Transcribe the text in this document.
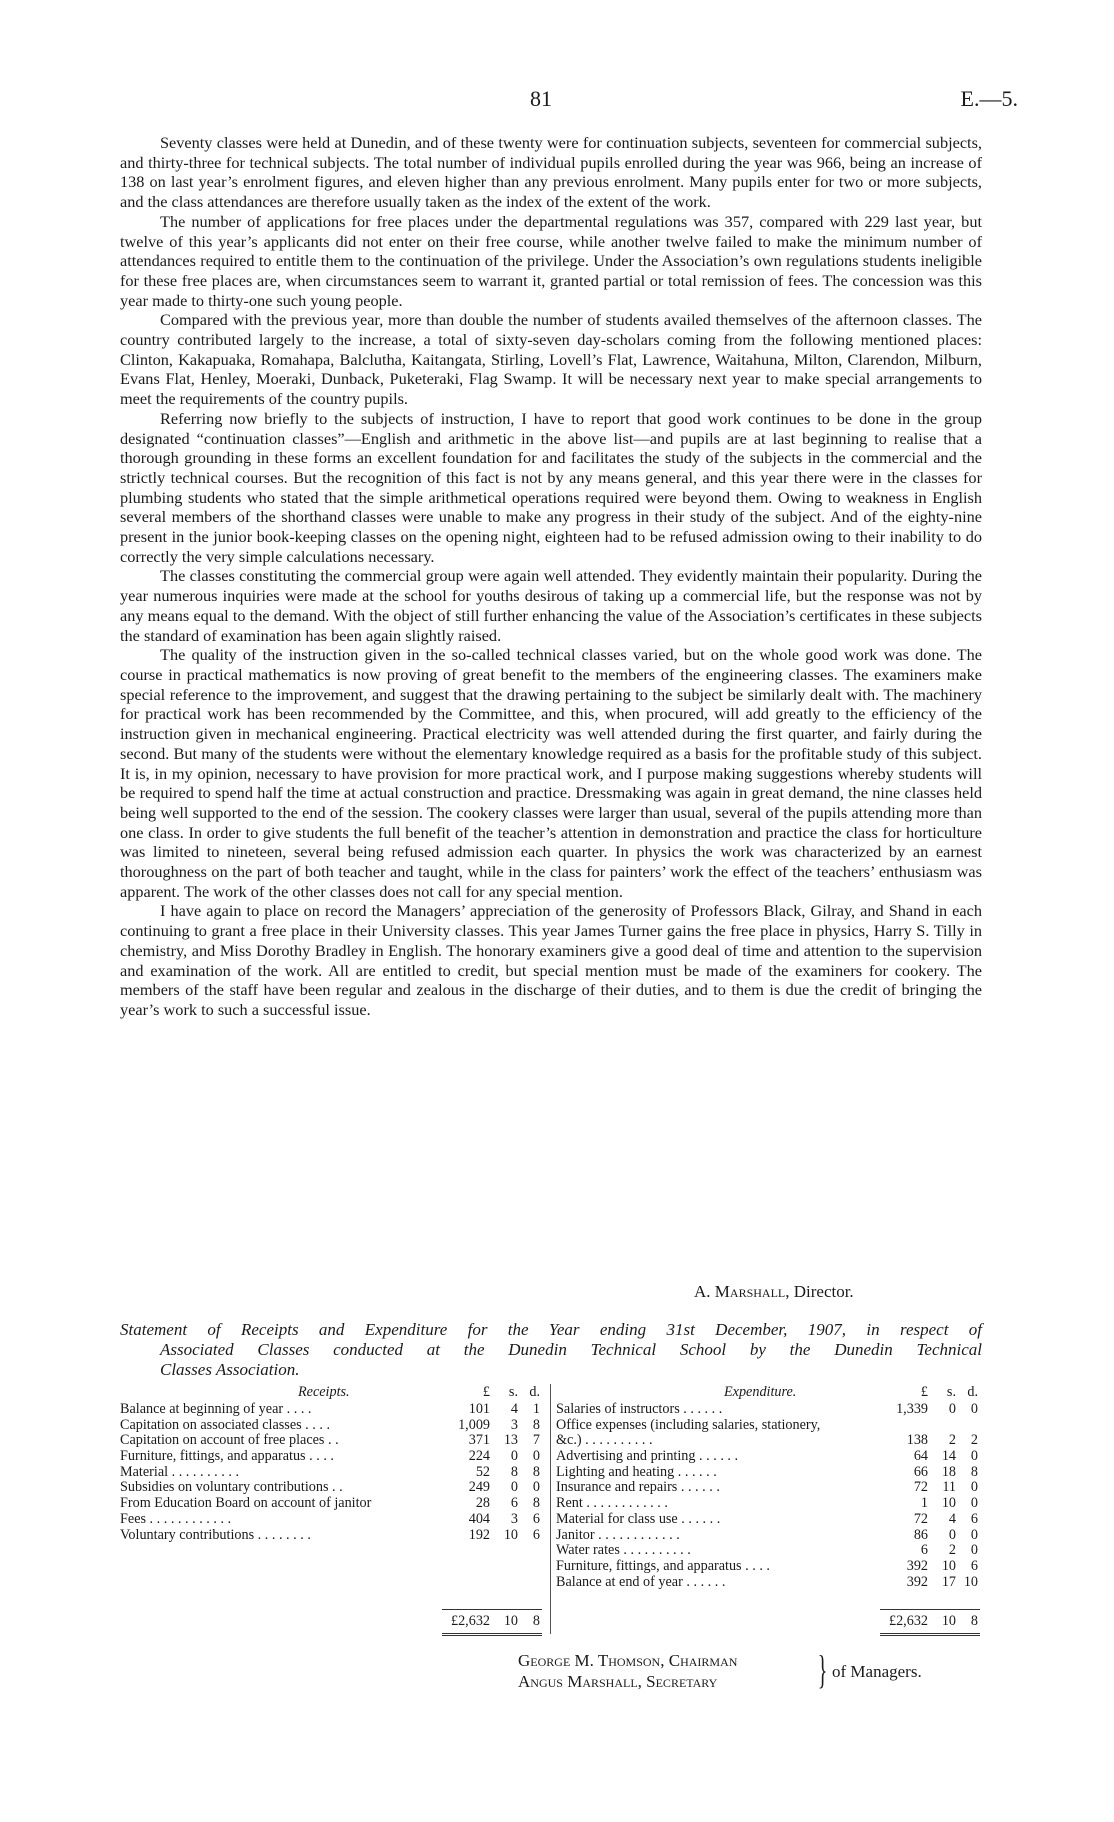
81	E.—5.

Seventy classes were held at Dunedin, and of these twenty were for continuation subjects, seventeen for commercial subjects, and thirty-three for technical subjects. The total number of individual pupils enrolled during the year was 966, being an increase of 138 on last year’s enrolment figures, and eleven higher than any previous enrolment. Many pupils enter for two or more subjects, and the class attendances are therefore usually taken as the index of the extent of the work.

The number of applications for free places under the departmental regulations was 357, compared with 229 last year, but twelve of this year’s applicants did not enter on their free course, while another twelve failed to make the minimum number of attendances required to entitle them to the continuation of the privilege. Under the Association’s own regulations students ineligible for these free places are, when circumstances seem to warrant it, granted partial or total remission of fees. The concession was this year made to thirty-one such young people.

Compared with the previous year, more than double the number of students availed themselves of the afternoon classes. The country contributed largely to the increase, a total of sixty-seven day-scholars coming from the following mentioned places: Clinton, Kakapuaka, Romahapa, Balclutha, Kaitangata, Stirling, Lovell’s Flat, Lawrence, Waitahuna, Milton, Clarendon, Milburn, Evans Flat, Henley, Moeraki, Dunback, Puketeraki, Flag Swamp. It will be necessary next year to make special arrangements to meet the requirements of the country pupils.

Referring now briefly to the subjects of instruction, I have to report that good work continues to be done in the group designated “continuation classes”—English and arithmetic in the above list—and pupils are at last beginning to realise that a thorough grounding in these forms an excellent foundation for and facilitates the study of the subjects in the commercial and the strictly technical courses. But the recognition of this fact is not by any means general, and this year there were in the classes for plumbing students who stated that the simple arithmetical operations required were beyond them. Owing to weakness in English several members of the shorthand classes were unable to make any progress in their study of the subject. And of the eighty-nine present in the junior book-keeping classes on the opening night, eighteen had to be refused admission owing to their inability to do correctly the very simple calculations necessary.

The classes constituting the commercial group were again well attended. They evidently maintain their popularity. During the year numerous inquiries were made at the school for youths desirous of taking up a commercial life, but the response was not by any means equal to the demand. With the object of still further enhancing the value of the Association’s certificates in these subjects the standard of examination has been again slightly raised.

The quality of the instruction given in the so-called technical classes varied, but on the whole good work was done. The course in practical mathematics is now proving of great benefit to the members of the engineering classes. The examiners make special reference to the improvement, and suggest that the drawing pertaining to the subject be similarly dealt with. The machinery for practical work has been recommended by the Committee, and this, when procured, will add greatly to the efficiency of the instruction given in mechanical engineering. Practical electricity was well attended during the first quarter, and fairly during the second. But many of the students were without the elementary knowledge required as a basis for the profitable study of this subject. It is, in my opinion, necessary to have provision for more practical work, and I purpose making suggestions whereby students will be required to spend half the time at actual construction and practice. Dressmaking was again in great demand, the nine classes held being well supported to the end of the session. The cookery classes were larger than usual, several of the pupils attending more than one class. In order to give students the full benefit of the teacher’s attention in demonstration and practice the class for horticulture was limited to nineteen, several being refused admission each quarter. In physics the work was characterized by an earnest thoroughness on the part of both teacher and taught, while in the class for painters’ work the effect of the teachers’ enthusiasm was apparent. The work of the other classes does not call for any special mention.

I have again to place on record the Managers’ appreciation of the generosity of Professors Black, Gilray, and Shand in each continuing to grant a free place in their University classes. This year James Turner gains the free place in physics, Harry S. Tilly in chemistry, and Miss Dorothy Bradley in English. The honorary examiners give a good deal of time and attention to the supervision and examination of the work. All are entitled to credit, but special mention must be made of the examiners for cookery. The members of the staff have been regular and zealous in the discharge of their duties, and to them is due the credit of bringing the year’s work to such a successful issue.

A. Marshall, Director.
Statement of Receipts and Expenditure for the Year ending 31st December, 1907, in respect of
Associated Classes conducted at the Dunedin Technical School by the Dunedin Technical
Classes Association.
Receipts.	£	s. d.
Balance at beginning of year . . . .	101	4	1
Capitation on associated classes . . . .	1,009	3	8
Capitation on account of free places . .	371 13	7
Furniture, fittings, and apparatus . . . .	224	0	0
Material . . . . . . . . . .	52	8	8
Subsidies on voluntary contributions . .	249	0	0
From Education Board on account of janitor	28	6	8
Fees . . . . . . . . . . . .	404	3	6
Voluntary contributions . . . . . . . .	192 10	6
£2,632 10	8
Expenditure.	£	s. d.
Salaries of instructors . . . . . .	1,339	0	0
Office expenses (including salaries, stationery,
&c.) . . . . . . . . . .	138	2	2
Advertising and printing . . . . . .	64 14	0
Lighting and heating . . . . . .	66 18	8
Insurance and repairs . . . . . .	72	11	0
Rent . . . . . . . . . . . .	1 10	0
Material for class use . . . . . .	72	4	6
Janitor . . . . . . . . . . . .	86	0	0
Water rates . . . . . . . . . .	6	2	0
Furniture, fittings, and apparatus . . . .	392 10	6
Balance at end of year . . . . . .	392 17 10
£2,632 10	8
George M. Thomson, Chairman
Angus Marshall, Secretary	} of Managers.
